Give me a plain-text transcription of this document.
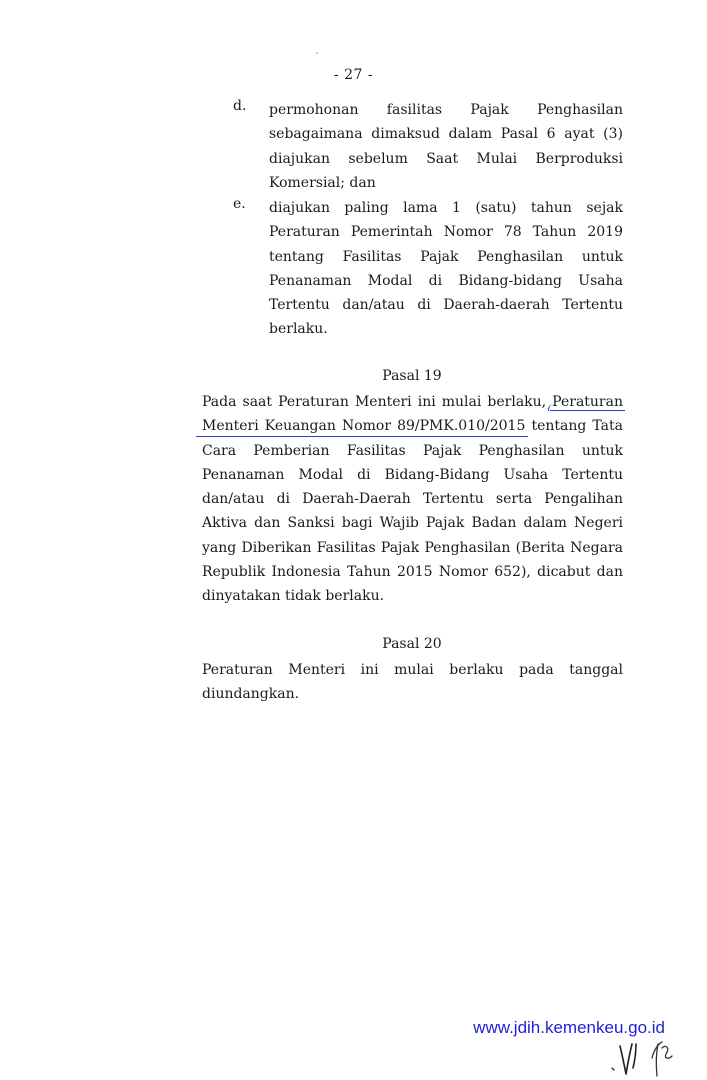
- 27 -
d.	permohonan fasilitas Pajak Penghasilan sebagaimana dimaksud dalam Pasal 6 ayat (3) diajukan sebelum Saat Mulai Berproduksi Komersial; dan
e.	diajukan paling lama 1 (satu) tahun sejak Peraturan Pemerintah Nomor 78 Tahun 2019 tentang Fasilitas Pajak Penghasilan untuk Penanaman Modal di Bidang-bidang Usaha Tertentu dan/atau di Daerah-daerah Tertentu berlaku.
Pasal 19
Pada saat Peraturan Menteri ini mulai berlaku, Peraturan Menteri Keuangan Nomor 89/PMK.010/2015 tentang Tata Cara Pemberian Fasilitas Pajak Penghasilan untuk Penanaman Modal di Bidang-Bidang Usaha Tertentu dan/atau di Daerah-Daerah Tertentu serta Pengalihan Aktiva dan Sanksi bagi Wajib Pajak Badan dalam Negeri yang Diberikan Fasilitas Pajak Penghasilan (Berita Negara Republik Indonesia Tahun 2015 Nomor 652), dicabut dan dinyatakan tidak berlaku.
Pasal 20
Peraturan Menteri ini mulai berlaku pada tanggal diundangkan.
www.jdih.kemenkeu.go.id
